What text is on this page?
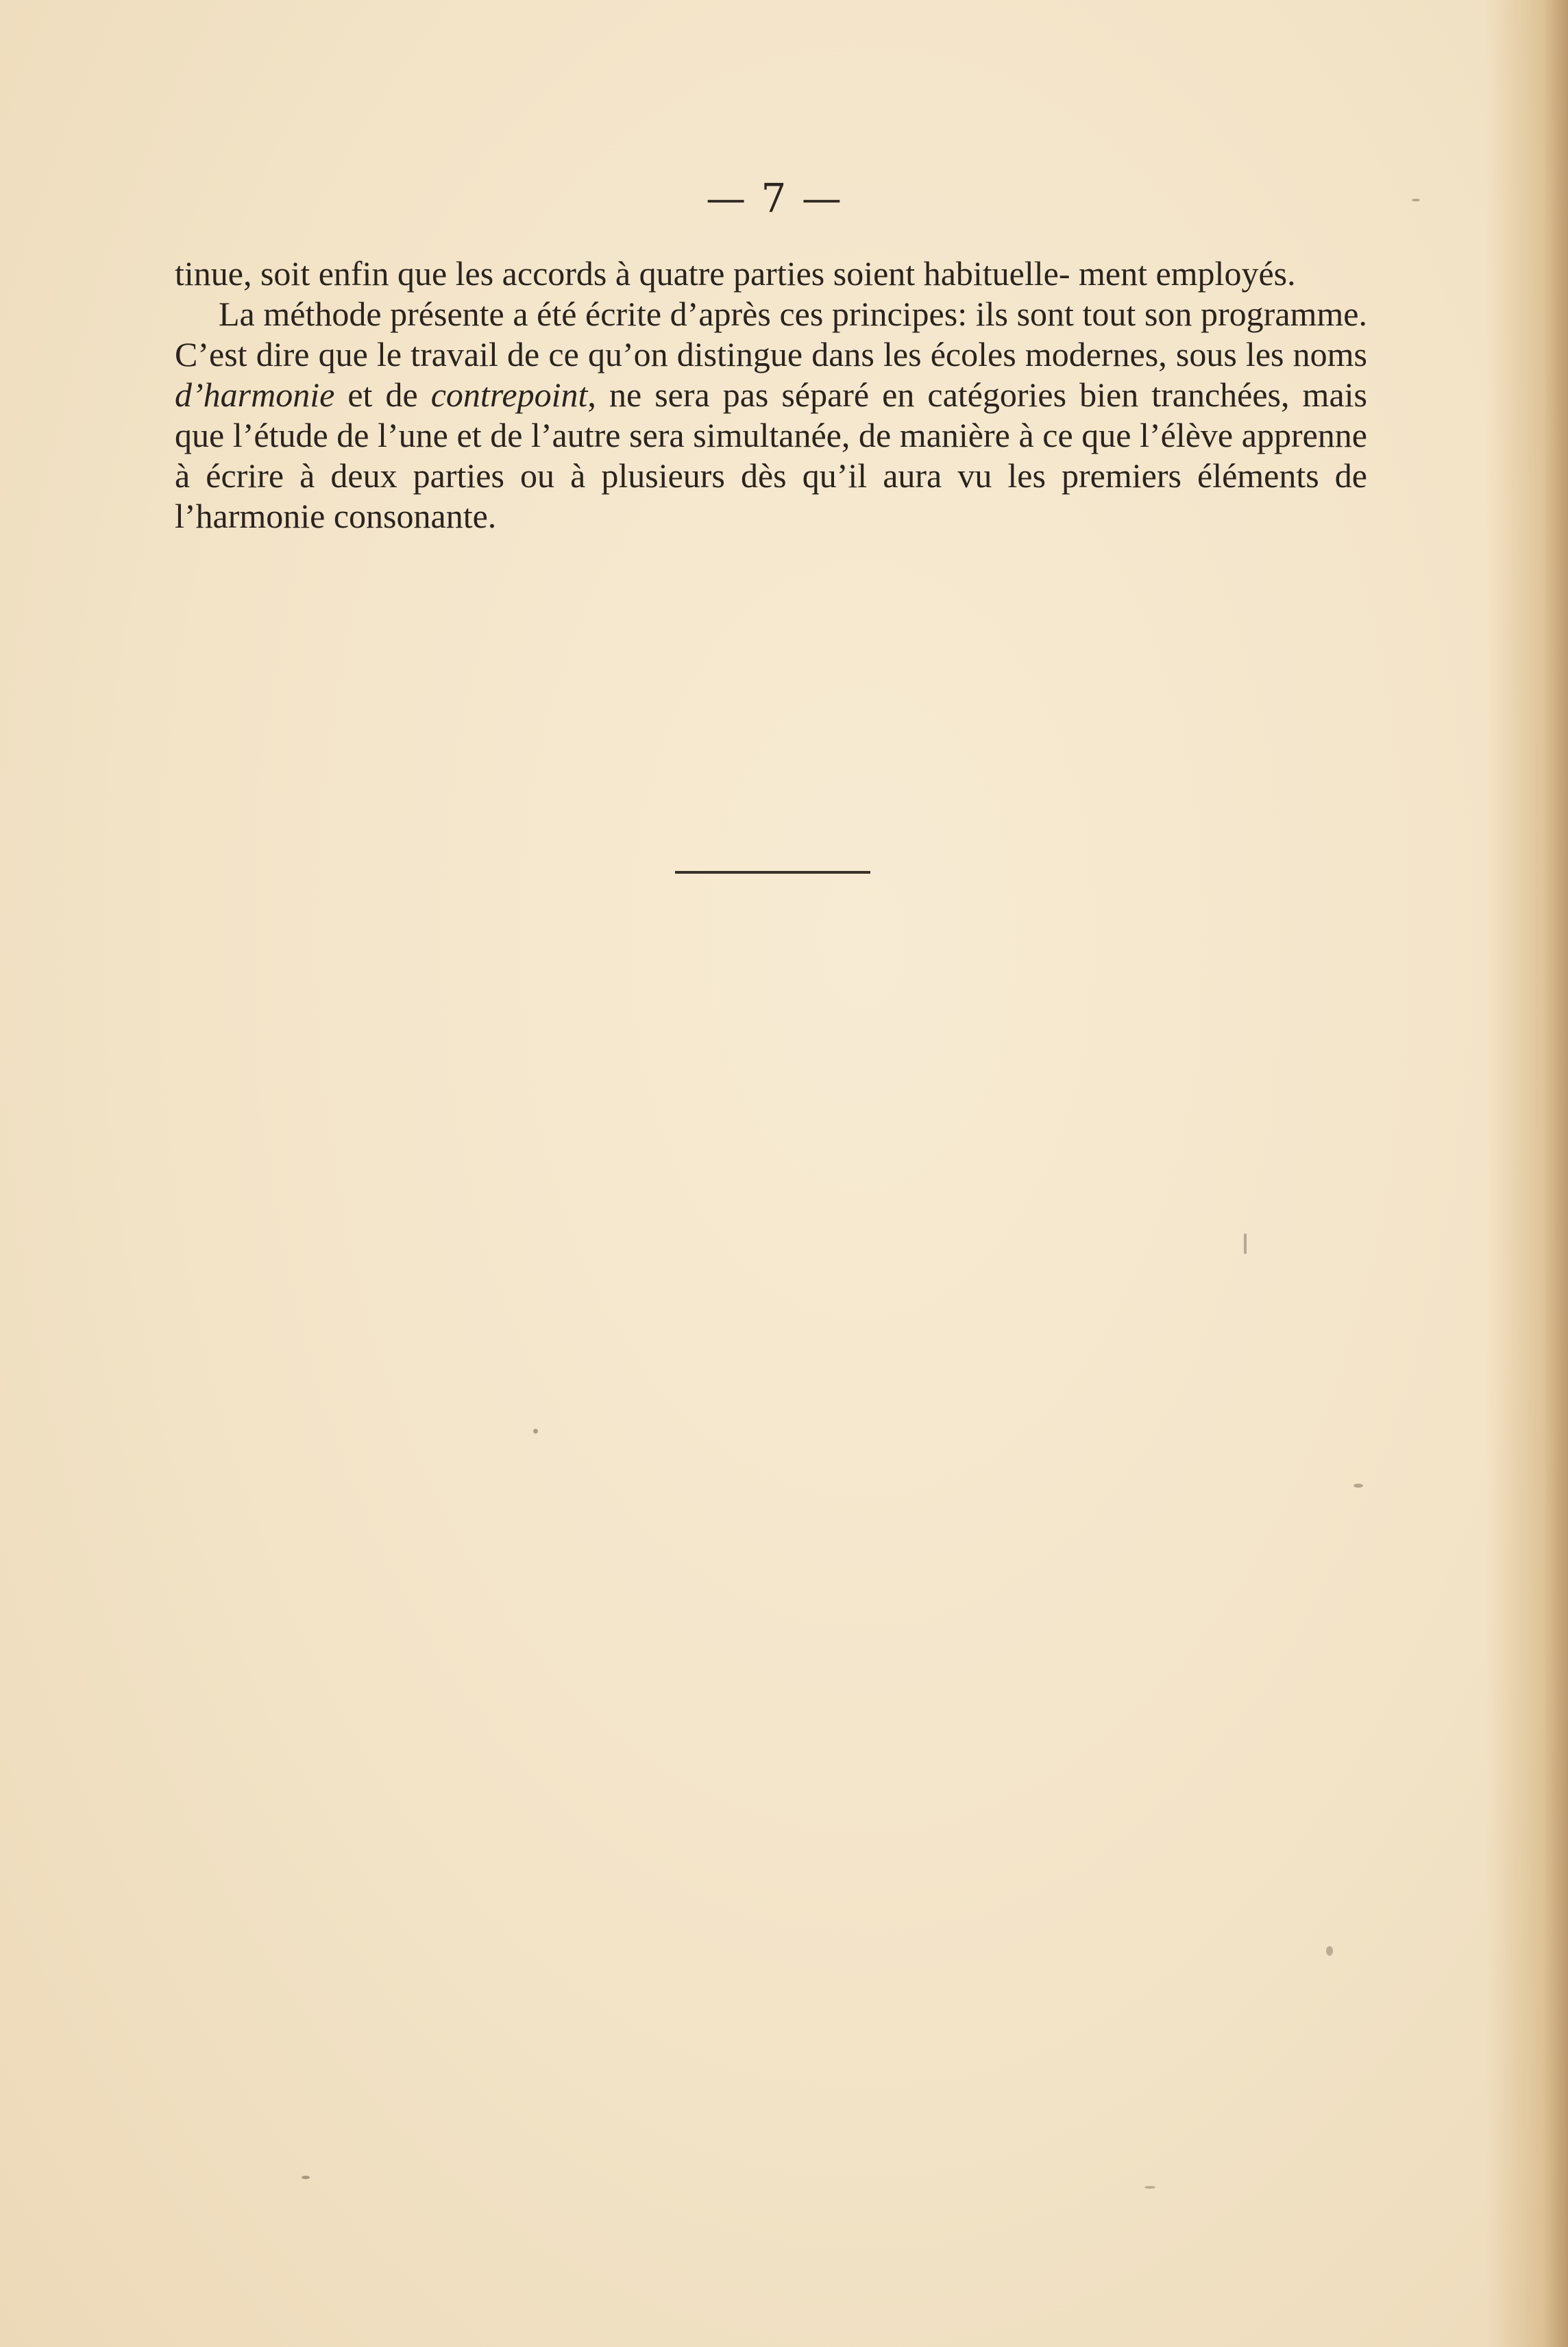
— 7 —

tinue, soit enfin que les accords à quatre parties soient habituelle- ment employés.

La méthode présente a été écrite d’après ces principes: ils sont tout son programme. C’est dire que le travail de ce qu’on distingue dans les écoles modernes, sous les noms d’harmonie et de contrepoint, ne sera pas séparé en catégories bien tranchées, mais que l’étude de l’une et de l’autre sera simultanée, de manière à ce que l’élève apprenne à écrire à deux parties ou à plusieurs dès qu’il aura vu les premiers éléments de l’harmonie consonante.
